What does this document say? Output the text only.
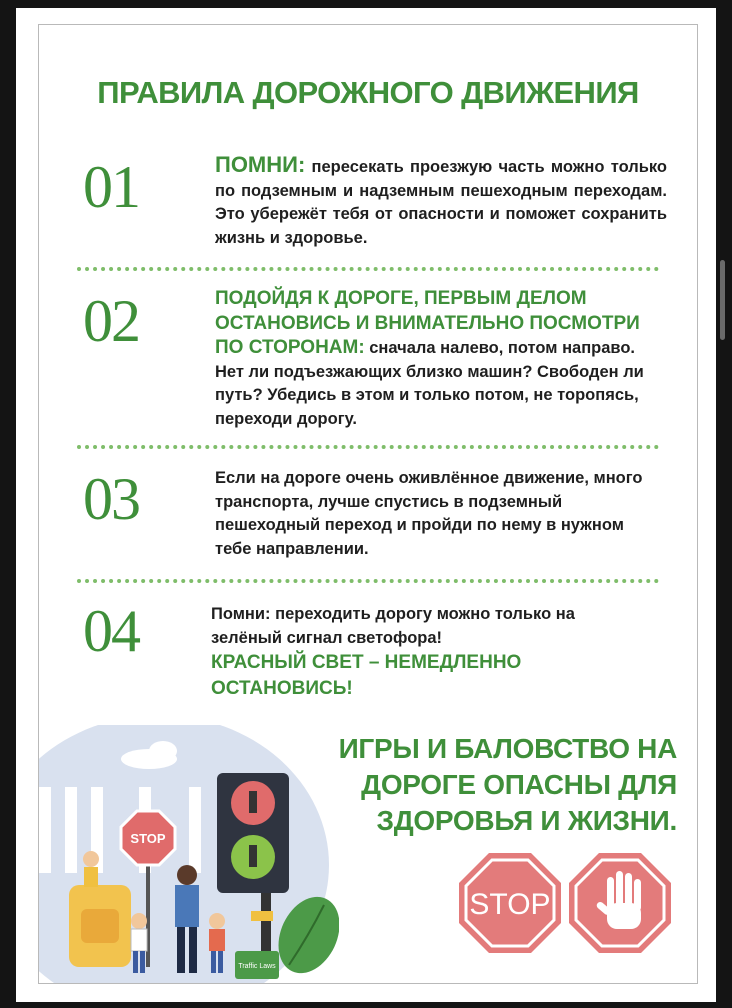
ПРАВИЛА ДОРОЖНОГО ДВИЖЕНИЯ
01	ПОМНИ: пересекать проезжую часть можно только по подземным и надземным пешеходным переходам. Это убережёт тебя от опасности и поможет сохранить жизнь и здоровье.
02	ПОДОЙДЯ К ДОРОГЕ, ПЕРВЫМ ДЕЛОМ ОСТАНОВИСЬ И ВНИМАТЕЛЬНО ПОСМОТРИ ПО СТОРОНАМ: сначала налево, потом направо. Нет ли подъезжающих близко машин? Свободен ли путь? Убедись в этом и только потом, не торопясь, переходи дорогу.
03	Если на дороге очень оживлённое движение, много транспорта, лучше спустись в подземный пешеходный переход и пройди по нему в нужном тебе направлении.
04	Помни: переходить дорогу можно только на зелёный сигнал светофора!
КРАСНЫЙ СВЕТ – НЕМЕДЛЕННО ОСТАНОВИСЬ!
ИГРЫ И БАЛОВСТВО НА ДОРОГЕ ОПАСНЫ ДЛЯ ЗДОРОВЬЯ И ЖИЗНИ.
STOP
Traffic Laws
STOP
